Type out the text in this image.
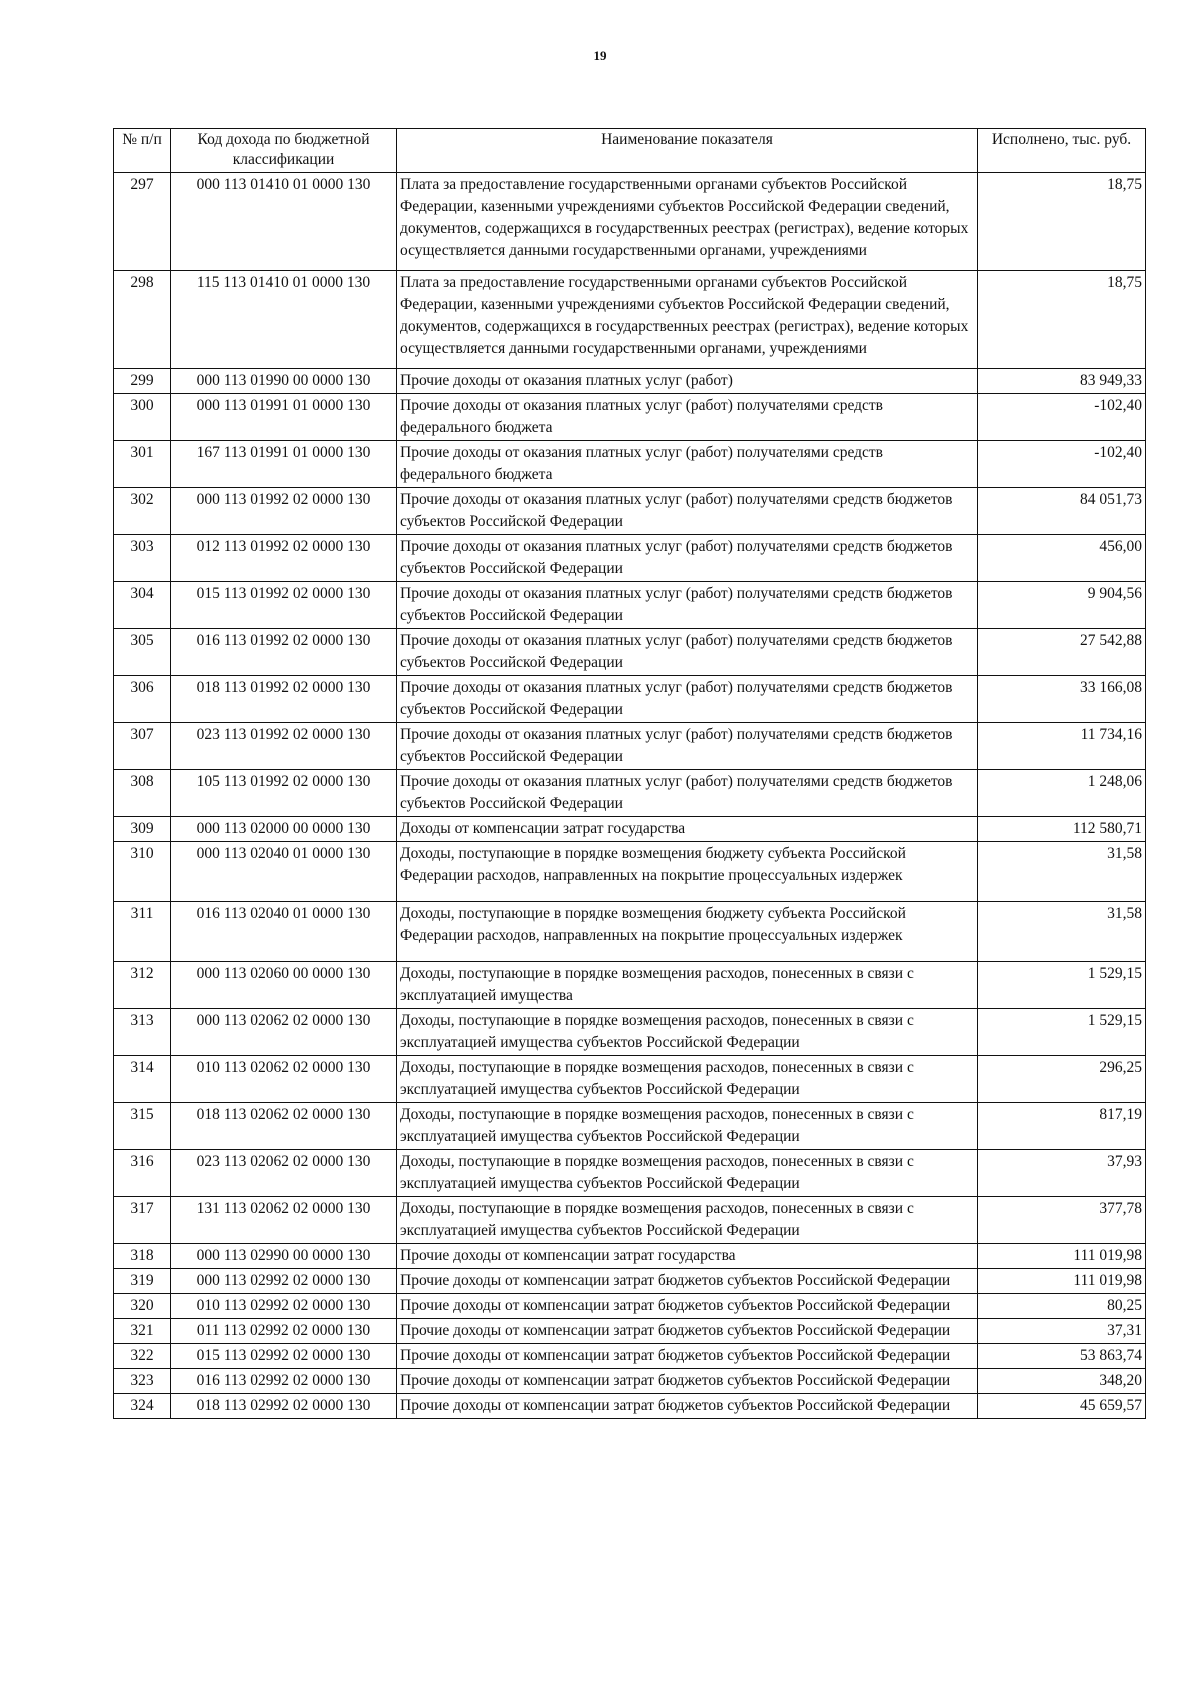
19
№ п/п	Код дохода по бюджетной классификации	Наименование показателя	Исполнено, тыс. руб.
297	000 113 01410 01 0000 130	Плата за предоставление государственными органами субъектов Российской Федерации, казенными учреждениями субъектов Российской Федерации сведений, документов, содержащихся в государственных реестрах (регистрах), ведение которых осуществляется данными государственными органами, учреждениями	18,75
298	115 113 01410 01 0000 130	Плата за предоставление государственными органами субъектов Российской Федерации, казенными учреждениями субъектов Российской Федерации сведений, документов, содержащихся в государственных реестрах (регистрах), ведение которых осуществляется данными государственными органами, учреждениями	18,75
299	000 113 01990 00 0000 130	Прочие доходы от оказания платных услуг (работ)	83 949,33
300	000 113 01991 01 0000 130	Прочие доходы от оказания платных услуг (работ) получателями средств федерального бюджета	-102,40
301	167 113 01991 01 0000 130	Прочие доходы от оказания платных услуг (работ) получателями средств федерального бюджета	-102,40
302	000 113 01992 02 0000 130	Прочие доходы от оказания платных услуг (работ) получателями средств бюджетов субъектов Российской Федерации	84 051,73
303	012 113 01992 02 0000 130	Прочие доходы от оказания платных услуг (работ) получателями средств бюджетов субъектов Российской Федерации	456,00
304	015 113 01992 02 0000 130	Прочие доходы от оказания платных услуг (работ) получателями средств бюджетов субъектов Российской Федерации	9 904,56
305	016 113 01992 02 0000 130	Прочие доходы от оказания платных услуг (работ) получателями средств бюджетов субъектов Российской Федерации	27 542,88
306	018 113 01992 02 0000 130	Прочие доходы от оказания платных услуг (работ) получателями средств бюджетов субъектов Российской Федерации	33 166,08
307	023 113 01992 02 0000 130	Прочие доходы от оказания платных услуг (работ) получателями средств бюджетов субъектов Российской Федерации	11 734,16
308	105 113 01992 02 0000 130	Прочие доходы от оказания платных услуг (работ) получателями средств бюджетов субъектов Российской Федерации	1 248,06
309	000 113 02000 00 0000 130	Доходы от компенсации затрат государства	112 580,71
310	000 113 02040 01 0000 130	Доходы, поступающие в порядке возмещения бюджету субъекта Российской Федерации расходов, направленных на покрытие процессуальных издержек	31,58
311	016 113 02040 01 0000 130	Доходы, поступающие в порядке возмещения бюджету субъекта Российской Федерации расходов, направленных на покрытие процессуальных издержек	31,58
312	000 113 02060 00 0000 130	Доходы, поступающие в порядке возмещения расходов, понесенных в связи с эксплуатацией имущества	1 529,15
313	000 113 02062 02 0000 130	Доходы, поступающие в порядке возмещения расходов, понесенных в связи с эксплуатацией имущества субъектов Российской Федерации	1 529,15
314	010 113 02062 02 0000 130	Доходы, поступающие в порядке возмещения расходов, понесенных в связи с эксплуатацией имущества субъектов Российской Федерации	296,25
315	018 113 02062 02 0000 130	Доходы, поступающие в порядке возмещения расходов, понесенных в связи с эксплуатацией имущества субъектов Российской Федерации	817,19
316	023 113 02062 02 0000 130	Доходы, поступающие в порядке возмещения расходов, понесенных в связи с эксплуатацией имущества субъектов Российской Федерации	37,93
317	131 113 02062 02 0000 130	Доходы, поступающие в порядке возмещения расходов, понесенных в связи с эксплуатацией имущества субъектов Российской Федерации	377,78
318	000 113 02990 00 0000 130	Прочие доходы от компенсации затрат государства	111 019,98
319	000 113 02992 02 0000 130	Прочие доходы от компенсации затрат бюджетов субъектов Российской Федерации	111 019,98
320	010 113 02992 02 0000 130	Прочие доходы от компенсации затрат бюджетов субъектов Российской Федерации	80,25
321	011 113 02992 02 0000 130	Прочие доходы от компенсации затрат бюджетов субъектов Российской Федерации	37,31
322	015 113 02992 02 0000 130	Прочие доходы от компенсации затрат бюджетов субъектов Российской Федерации	53 863,74
323	016 113 02992 02 0000 130	Прочие доходы от компенсации затрат бюджетов субъектов Российской Федерации	348,20
324	018 113 02992 02 0000 130	Прочие доходы от компенсации затрат бюджетов субъектов Российской Федерации	45 659,57
